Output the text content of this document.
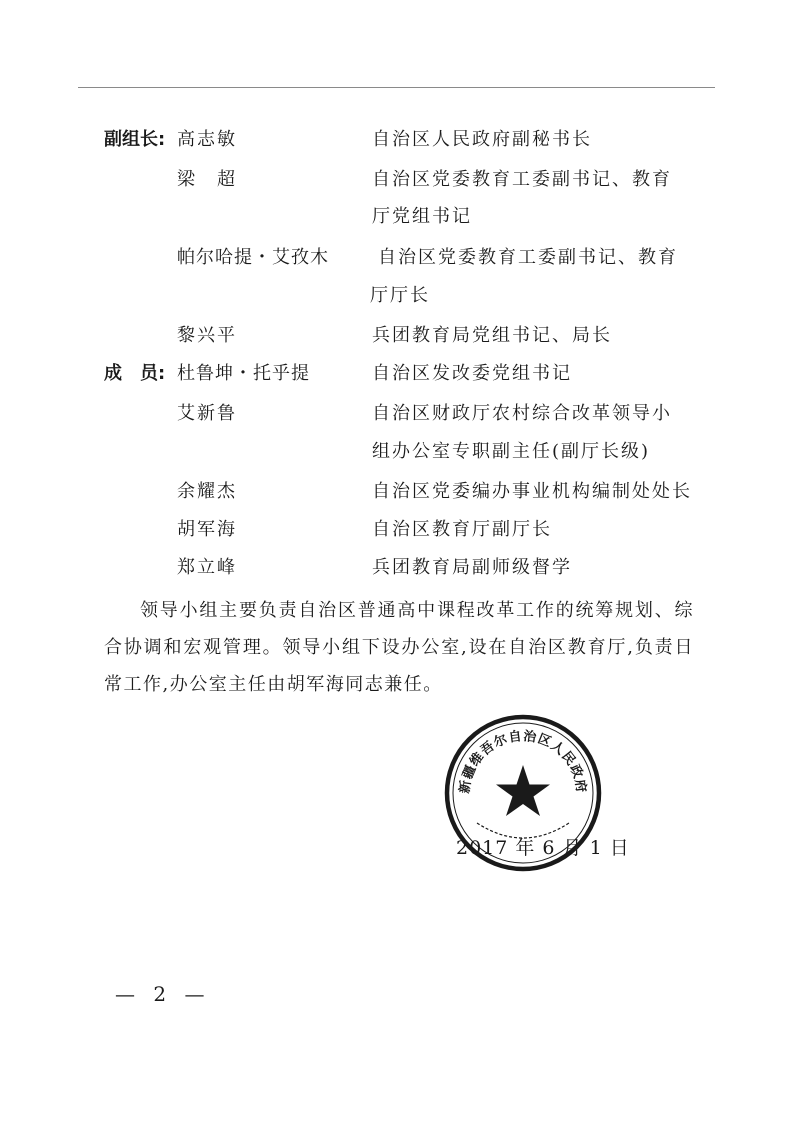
副组长: 高志敏	自治区人民政府副秘书长
梁　超	自治区党委教育工委副书记、教育
厅党组书记
帕尔哈提・艾孜木	自治区党委教育工委副书记、教育
厅厅长
黎兴平	兵团教育局党组书记、局长
成　员: 杜鲁坤・托乎提	自治区发改委党组书记
艾新鲁	自治区财政厅农村综合改革领导小
组办公室专职副主任(副厅长级)
余耀杰	自治区党委编办事业机构编制处处长
胡军海	自治区教育厅副厅长
郑立峰	兵团教育局副师级督学
领导小组主要负责自治区普通高中课程改革工作的统筹规划、综合协调和宏观管理。领导小组下设办公室,设在自治区教育厅,负责日常工作,办公室主任由胡军海同志兼任。
新疆维吾尔自治区人民政府
2017 年 6 月 1 日
— 2 —
